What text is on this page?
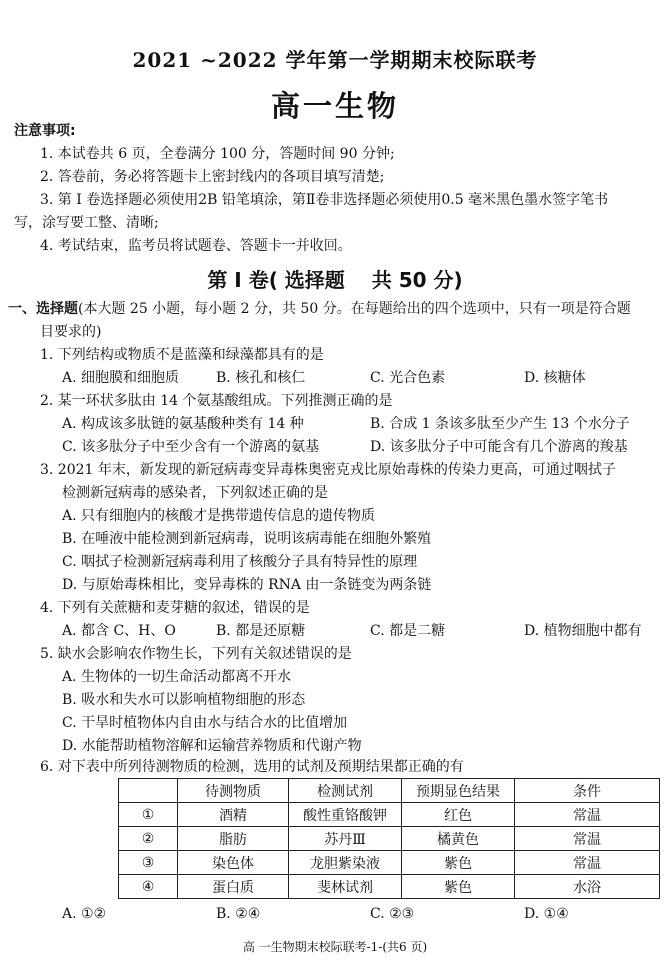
2021 ~2022 学年第一学期期末校际联考
高一生物
注意事项:
1. 本试卷共 6 页，全卷满分 100 分，答题时间 90 分钟;
2. 答卷前，务必将答题卡上密封线内的各项目填写清楚;
3. 第 Ⅰ 卷选择题必须使用2B 铅笔填涂，第Ⅱ卷非选择题必须使用0.5 毫米黑色墨水签字笔书
写，涂写要工整、清晰;
4. 考试结束，监考员将试题卷、答题卡一并收回。
第 Ⅰ 卷( 选择题　 共 50 分)
一、选择题(本大题 25 小题，每小题 2 分，共 50 分。在每题给出的四个选项中，只有一项是符合题
目要求的)
1. 下列结构或物质不是蓝藻和绿藻都具有的是
A. 细胞膜和细胞质	B. 核孔和核仁	C. 光合色素	D. 核糖体
2. 某一环状多肽由 14 个氨基酸组成。下列推测正确的是
A. 构成该多肽链的氨基酸种类有 14 种	B. 合成 1 条该多肽至少产生 13 个水分子
C. 该多肽分子中至少含有一个游离的氨基	D. 该多肽分子中可能含有几个游离的羧基
3. 2021 年末，新发现的新冠病毒变异毒株奥密克戎比原始毒株的传染力更高，可通过咽拭子
检测新冠病毒的感染者，下列叙述正确的是
A. 只有细胞内的核酸才是携带遗传信息的遗传物质
B. 在唾液中能检测到新冠病毒，说明该病毒能在细胞外繁殖
C. 咽拭子检测新冠病毒利用了核酸分子具有特异性的原理
D. 与原始毒株相比，变异毒株的 RNA 由一条链变为两条链
4. 下列有关蔗糖和麦芽糖的叙述，错误的是
A. 都含 C、H、O	B. 都是还原糖	C. 都是二糖	D. 植物细胞中都有
5. 缺水会影响农作物生长，下列有关叙述错误的是
A. 生物体的一切生命活动都离不开水
B. 吸水和失水可以影响植物细胞的形态
C. 干旱时植物体内自由水与结合水的比值增加
D. 水能帮助植物溶解和运输营养物质和代谢产物
6. 对下表中所列待测物质的检测，选用的试剂及预期结果都正确的有
	待测物质	检测试剂	预期显色结果	条件
①	酒精	酸性重铬酸钾	红色	常温
②	脂肪	苏丹Ⅲ	橘黄色	常温
③	染色体	龙胆紫染液	紫色	常温
④	蛋白质	斐林试剂	紫色	水浴
A. ①②	B. ②④	C. ②③	D. ①④
高 一生物期末校际联考-1-(共6 页)
